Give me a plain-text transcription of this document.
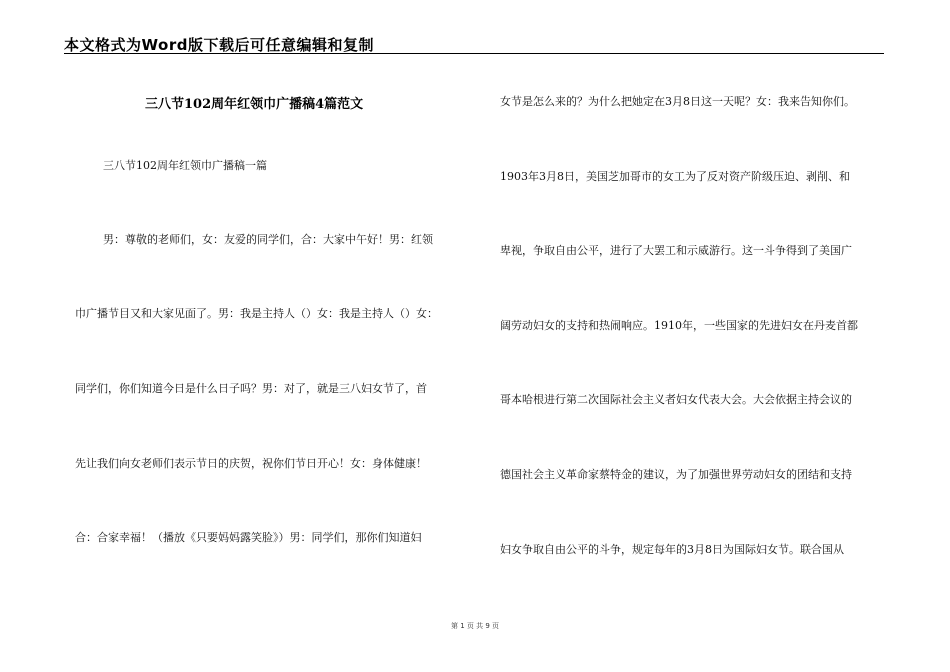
本文格式为Word版下载后可任意编辑和复制
三八节102周年红领巾广播稿4篇范文
三八节102周年红领巾广播稿一篇
男：尊敬的老师们，女：友爱的同学们，合：大家中午好！男：红领
巾广播节目又和大家见面了。男：我是主持人（）女：我是主持人（）女：
同学们，你们知道今日是什么日子吗？男：对了，就是三八妇女节了，首
先让我们向女老师们表示节日的庆贺，祝你们节日开心！女：身体健康！
合：合家幸福！（播放《只要妈妈露笑脸》）男：同学们，那你们知道妇
女节是怎么来的？为什么把她定在3月8日这一天呢？女：我来告知你们。
1903年3月8日，美国芝加哥市的女工为了反对资产阶级压迫、剥削、和
卑视，争取自由公平，进行了大罢工和示威游行。这一斗争得到了美国广
阔劳动妇女的支持和热闹响应。1910年，一些国家的先进妇女在丹麦首都
哥本哈根进行第二次国际社会主义者妇女代表大会。大会依据主持会议的
德国社会主义革命家蔡特金的建议，为了加强世界劳动妇女的团结和支持
妇女争取自由公平的斗争，规定每年的3月8日为国际妇女节。联合国从
第 1 页 共 9 页
